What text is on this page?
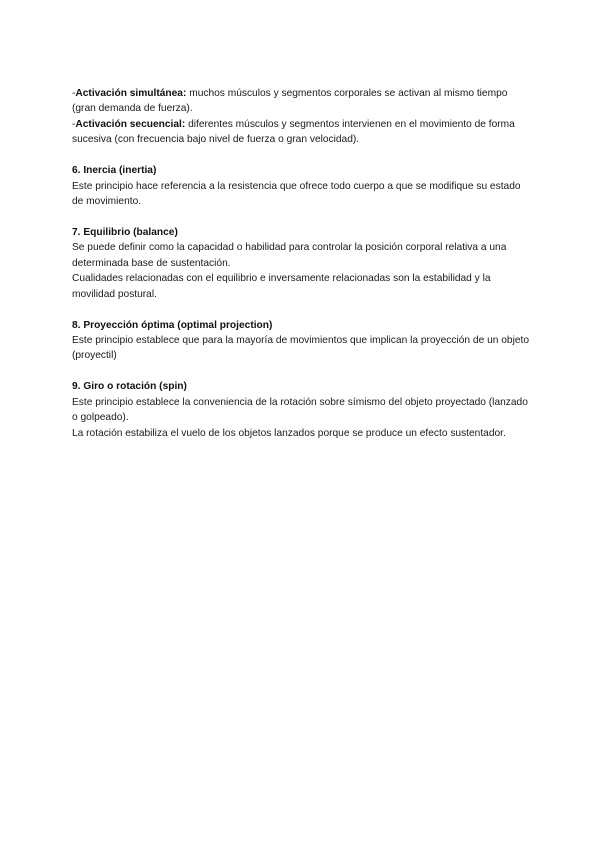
-Activación simultánea: muchos músculos y segmentos corporales se activan al mismo tiempo (gran demanda de fuerza).

-Activación secuencial: diferentes músculos y segmentos intervienen en el movimiento de forma sucesiva (con frecuencia bajo nivel de fuerza o gran velocidad).

6. Inercia (inertia)

Este principio hace referencia a la resistencia que ofrece todo cuerpo a que se modifique su estado de movimiento.

7. Equilibrio (balance)

Se puede definir como la capacidad o habilidad para controlar la posición corporal relativa a una determinada base de sustentación.

Cualidades relacionadas con el equilibrio e inversamente relacionadas son la estabilidad y la movilidad postural.

8. Proyección óptima (optimal projection)

Este principio establece que para la mayoría de movimientos que implican la proyección de un objeto (proyectil)

9. Giro o rotación (spin)

Este principio establece la conveniencia de la rotación sobre símismo del objeto proyectado (lanzado o golpeado).

La rotación estabiliza el vuelo de los objetos lanzados porque se produce un efecto sustentador.
